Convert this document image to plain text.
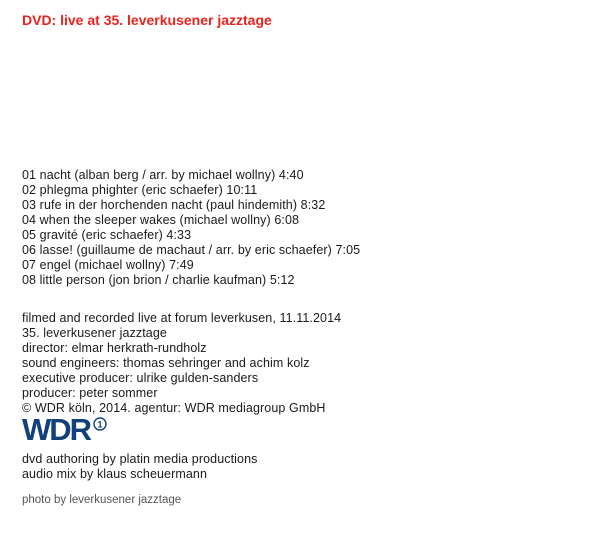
DVD: live at 35. leverkusener jazztage
01 nacht (alban berg / arr. by michael wollny) 4:40
02 phlegma phighter (eric schaefer) 10:11
03 rufe in der horchenden nacht (paul hindemith) 8:32
04 when the sleeper wakes (michael wollny) 6:08
05 gravité (eric schaefer) 4:33
06 lasse! (guillaume de machaut / arr. by eric schaefer) 7:05
07 engel (michael wollny) 7:49
08 little person (jon brion / charlie kaufman) 5:12
filmed and recorded live at forum leverkusen, 11.11.2014
35. leverkusener jazztage
director: elmar herkrath-rundholz
sound engineers: thomas sehringer and achim kolz
executive producer: ulrike gulden-sanders
producer: peter sommer
© WDR köln, 2014. agentur: WDR mediagroup GmbH
WDR 1
dvd authoring by platin media productions
audio mix by klaus scheuermann
photo by leverkusener jazztage
